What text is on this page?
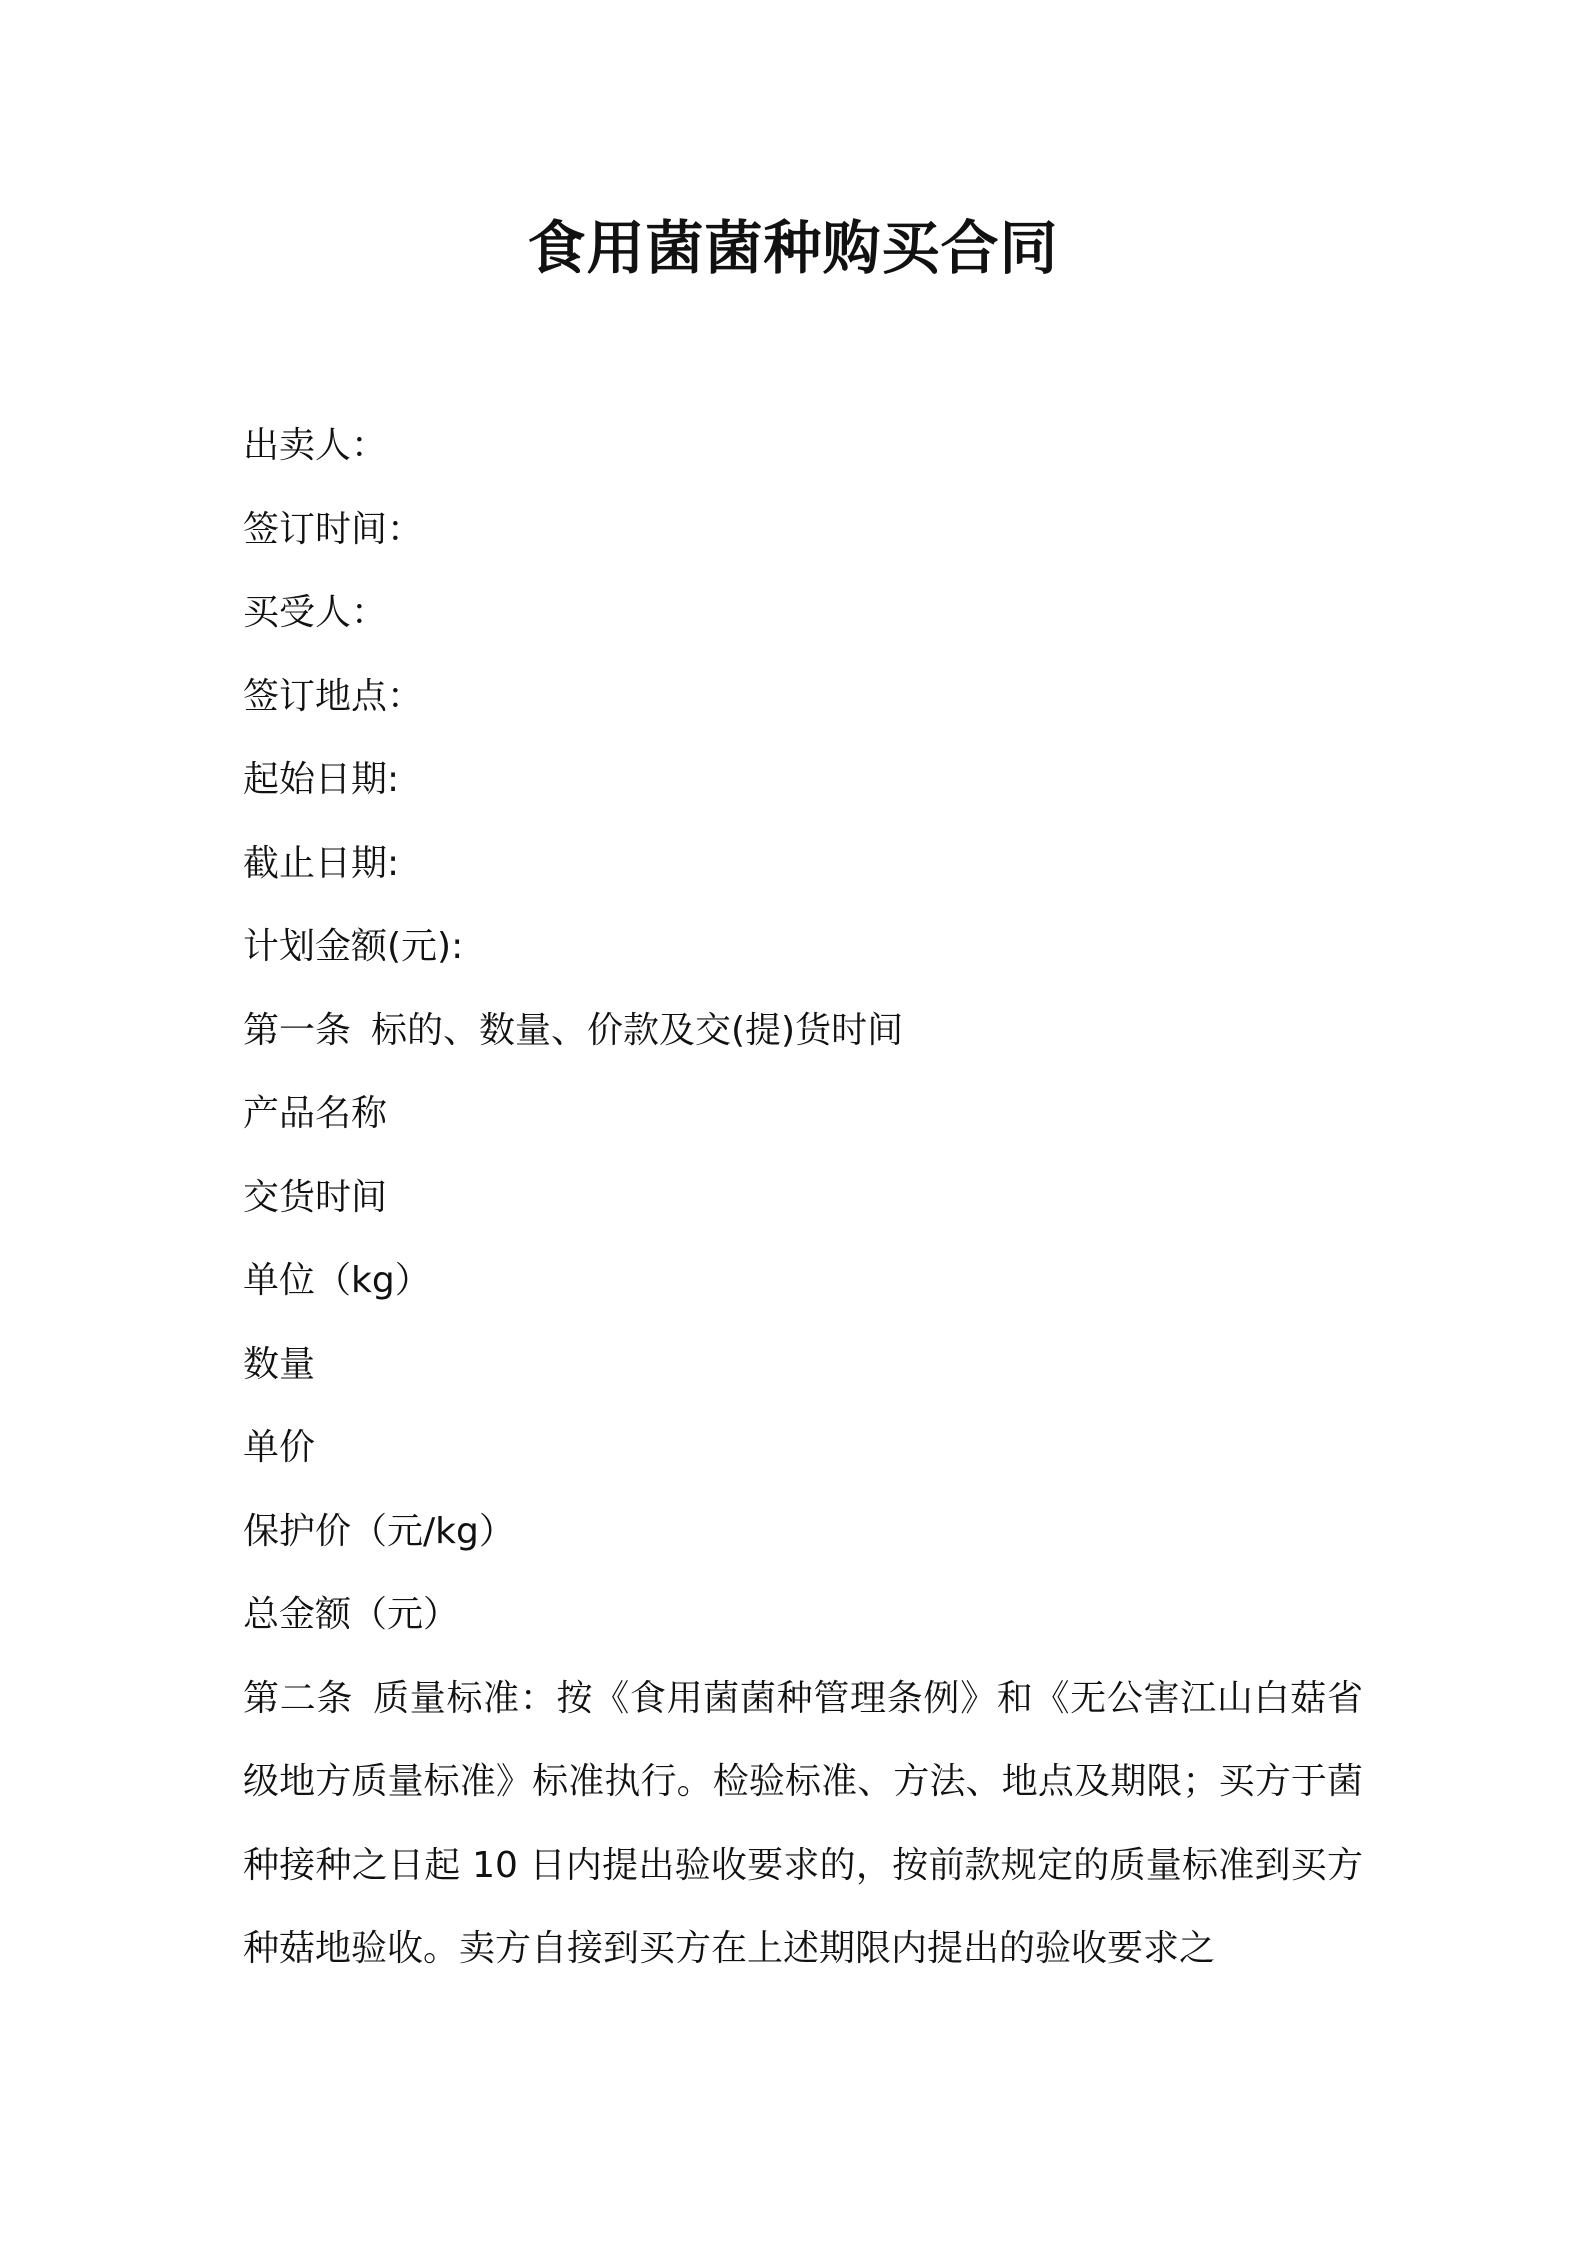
食用菌菌种购买合同
出卖人：
签订时间：
买受人：
签订地点：
起始日期:
截止日期:
计划金额(元):
第一条 标的、数量、价款及交(提)货时间
产品名称
交货时间
单位（kg）
数量
单价
保护价（元/kg）
总金额（元）
第二条 质量标准：按《食用菌菌种管理条例》和《无公害江山白菇省级地方质量标准》标准执行。检验标准、方法、地点及期限；买方于菌种接种之日起 10 日内提出验收要求的，按前款规定的质量标准到买方种菇地验收。卖方自接到买方在上述期限内提出的验收要求之
